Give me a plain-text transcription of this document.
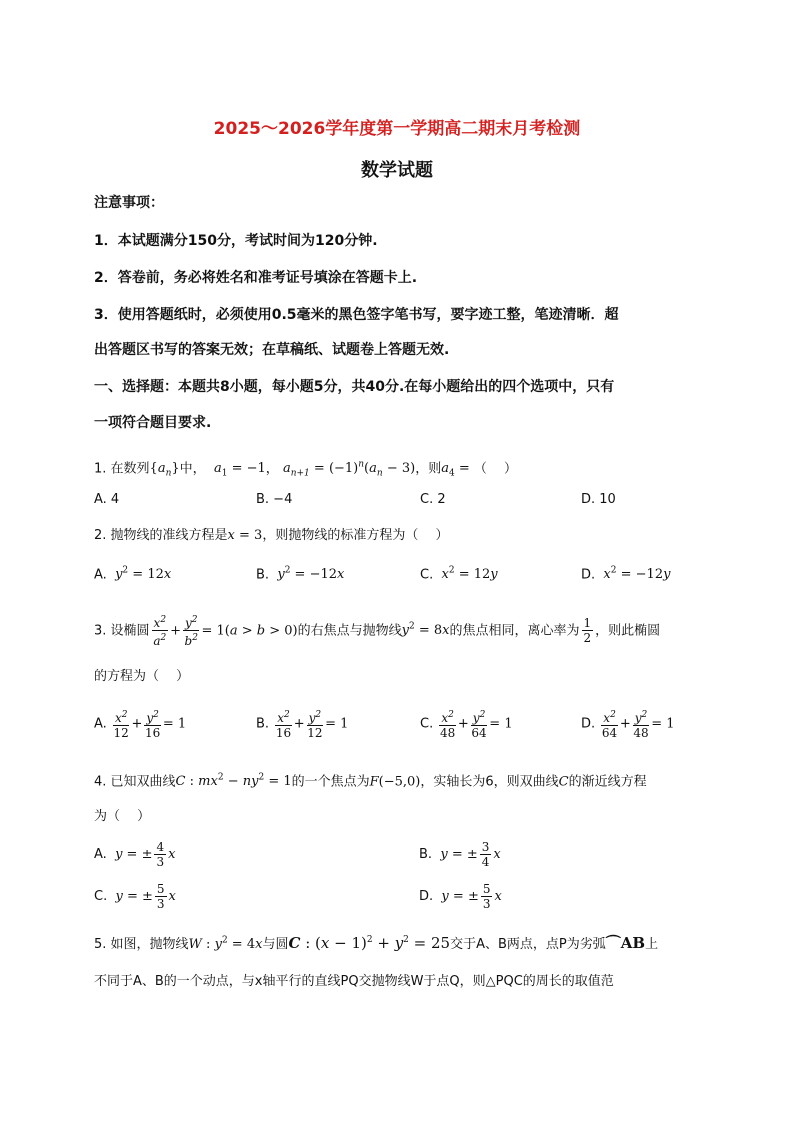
2025～2026学年度第一学期高二期末月考检测
数学试题
注意事项：
1．本试题满分150分，考试时间为120分钟.
2．答卷前，务必将姓名和准考证号填涂在答题卡上.
3．使用答题纸时，必须使用0.5毫米的黑色签字笔书写，要字迹工整，笔迹清晰．超
出答题区书写的答案无效；在草稿纸、试题卷上答题无效.
一、选择题：本题共8小题，每小题5分，共40分.在每小题给出的四个选项中，只有
一项符合题目要求.
1. 在数列$\{a_n\}$中， $a_1 = -1$， $a_{n+1} = (-1)^n(a_n - 3)$，则$a_4$ = （　 ）
A. 4	B. −4	C. 2	D. 10
2. 抛物线的准线方程是x = 3，则抛物线的标准方程为（　 ）
A. $y^2 = 12x$	B. $y^2 = -12x$	C. $x^2 = 12y$	D. $x^2 = -12y$
3. 设椭圆 $\frac{x^2}{a^2} + \frac{y^2}{b^2} = 1(a > b > 0)$的右焦点与抛物线$y^2 = 8x$的焦点相同，离心率为 $\frac{1}{2}$ ，则此椭圆
的方程为（　 ）
A. $\frac{x^2}{12} + \frac{y^2}{16} = 1$	B. $\frac{x^2}{16} + \frac{y^2}{12} = 1$	C. $\frac{x^2}{48} + \frac{y^2}{64} = 1$	D. $\frac{x^2}{64} + \frac{y^2}{48} = 1$
4. 已知双曲线C : $mx^2 - ny^2 = 1$的一个焦点为F(−5,0)，实轴长为6，则双曲线C的渐近线方程
为（　 ）
A. y = ± $\frac{4}{3}$ x	B. y = ± $\frac{3}{4}$ x
C. y = ± $\frac{5}{3}$ x	D. y = ± $\frac{5}{3}$ x
5. 如图，抛物线W : $y^2 = 4x$与圆C : $(x - 1)^2 + y^2 = 25$交于A、B两点，点P为劣弧⌒AB上
不同于A、B的一个动点，与x轴平行的直线PQ交抛物线W于点Q，则△PQC的周长的取值范
